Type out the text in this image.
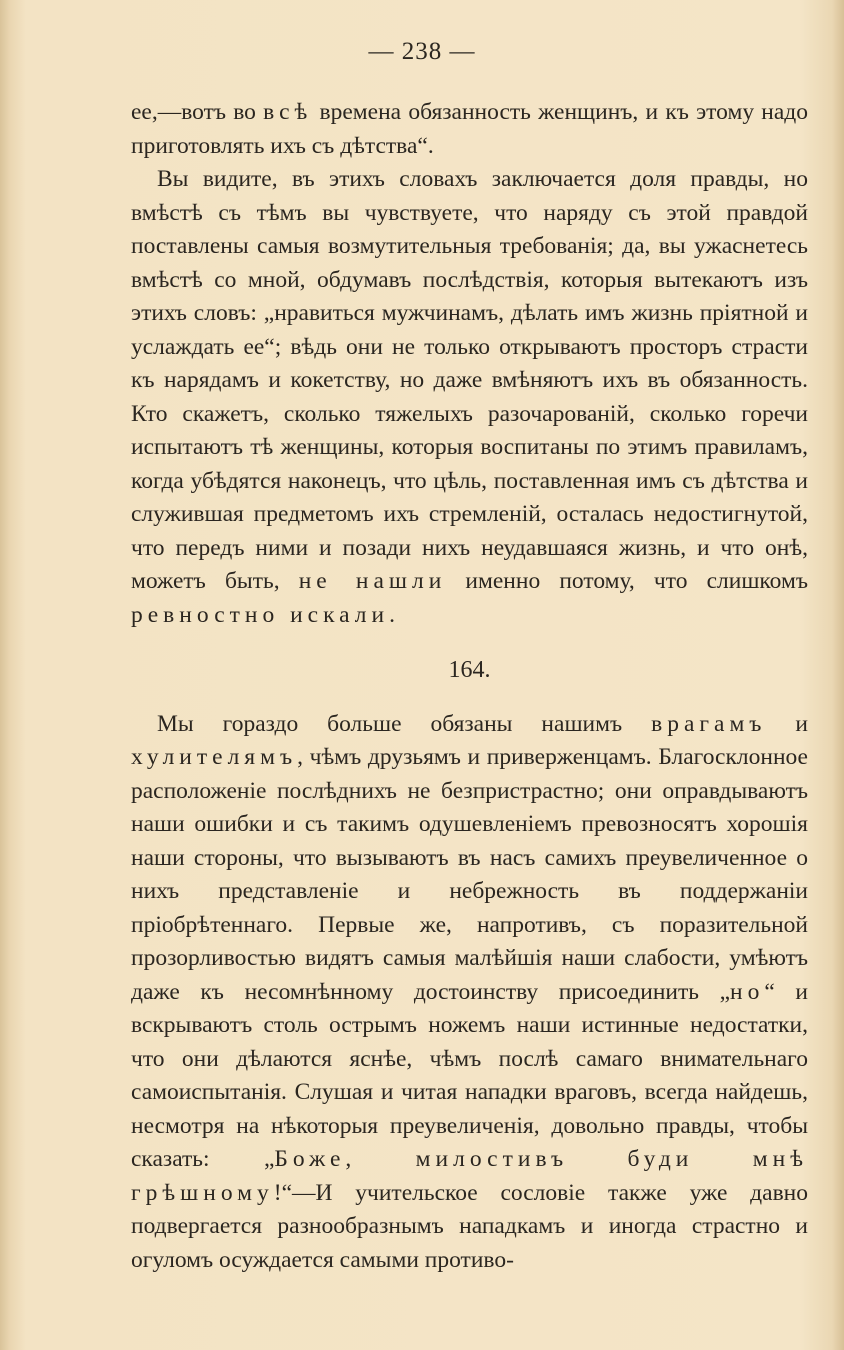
— 238 —

ее,—вотъ во всѣ времена обязанность женщинъ, и къ этому надо приготовлять ихъ съ дѣтства“.

Вы видите, въ этихъ словахъ заключается доля правды, но вмѣстѣ съ тѣмъ вы чувствуете, что наряду съ этой правдой поставлены самыя возмутительныя требованія; да, вы ужаснетесь вмѣстѣ со мной, обдумавъ послѣдствія, которыя вытекаютъ изъ этихъ словъ: „нравиться мужчинамъ, дѣлать имъ жизнь пріятной и услаждать ее“; вѣдь они не только открываютъ просторъ страсти къ нарядамъ и кокетству, но даже вмѣняютъ ихъ въ обязанность. Кто скажетъ, сколько тяжелыхъ разочарованій, сколько горечи испытаютъ тѣ женщины, которыя воспитаны по этимъ правиламъ, когда убѣдятся наконецъ, что цѣль, поставленная имъ съ дѣтства и служившая предметомъ ихъ стремленій, осталась недостигнутой, что передъ ними и позади нихъ неудавшаяся жизнь, и что онѣ, можетъ быть, не нашли именно потому, что слишкомъ ревностно искали.

164.

Мы гораздо больше обязаны нашимъ врагамъ и хулителямъ, чѣмъ друзьямъ и приверженцамъ. Благосклонное расположеніе послѣднихъ не безпристрастно; они оправдываютъ наши ошибки и съ такимъ одушевленіемъ превозносятъ хорошія наши стороны, что вызываютъ въ насъ самихъ преувеличенное о нихъ представленіе и небрежность въ поддержаніи пріобрѣтеннаго. Первые же, напротивъ, съ поразительной прозорливостью видятъ самыя малѣйшія наши слабости, умѣютъ даже къ несомнѣнному достоинству присоединить „но“ и вскрываютъ столь острымъ ножемъ наши истинные недостатки, что они дѣлаются яснѣе, чѣмъ послѣ самаго внимательнаго самоиспытанія. Слушая и читая нападки враговъ, всегда найдешь, несмотря на нѣкоторыя преувеличенія, довольно правды, чтобы сказать: „Боже, милостивъ буди мнѣ грѣшному!“—И учительское сословіе также уже давно подвергается разнообразнымъ нападкамъ и иногда страстно и огуломъ осуждается самыми противо-
